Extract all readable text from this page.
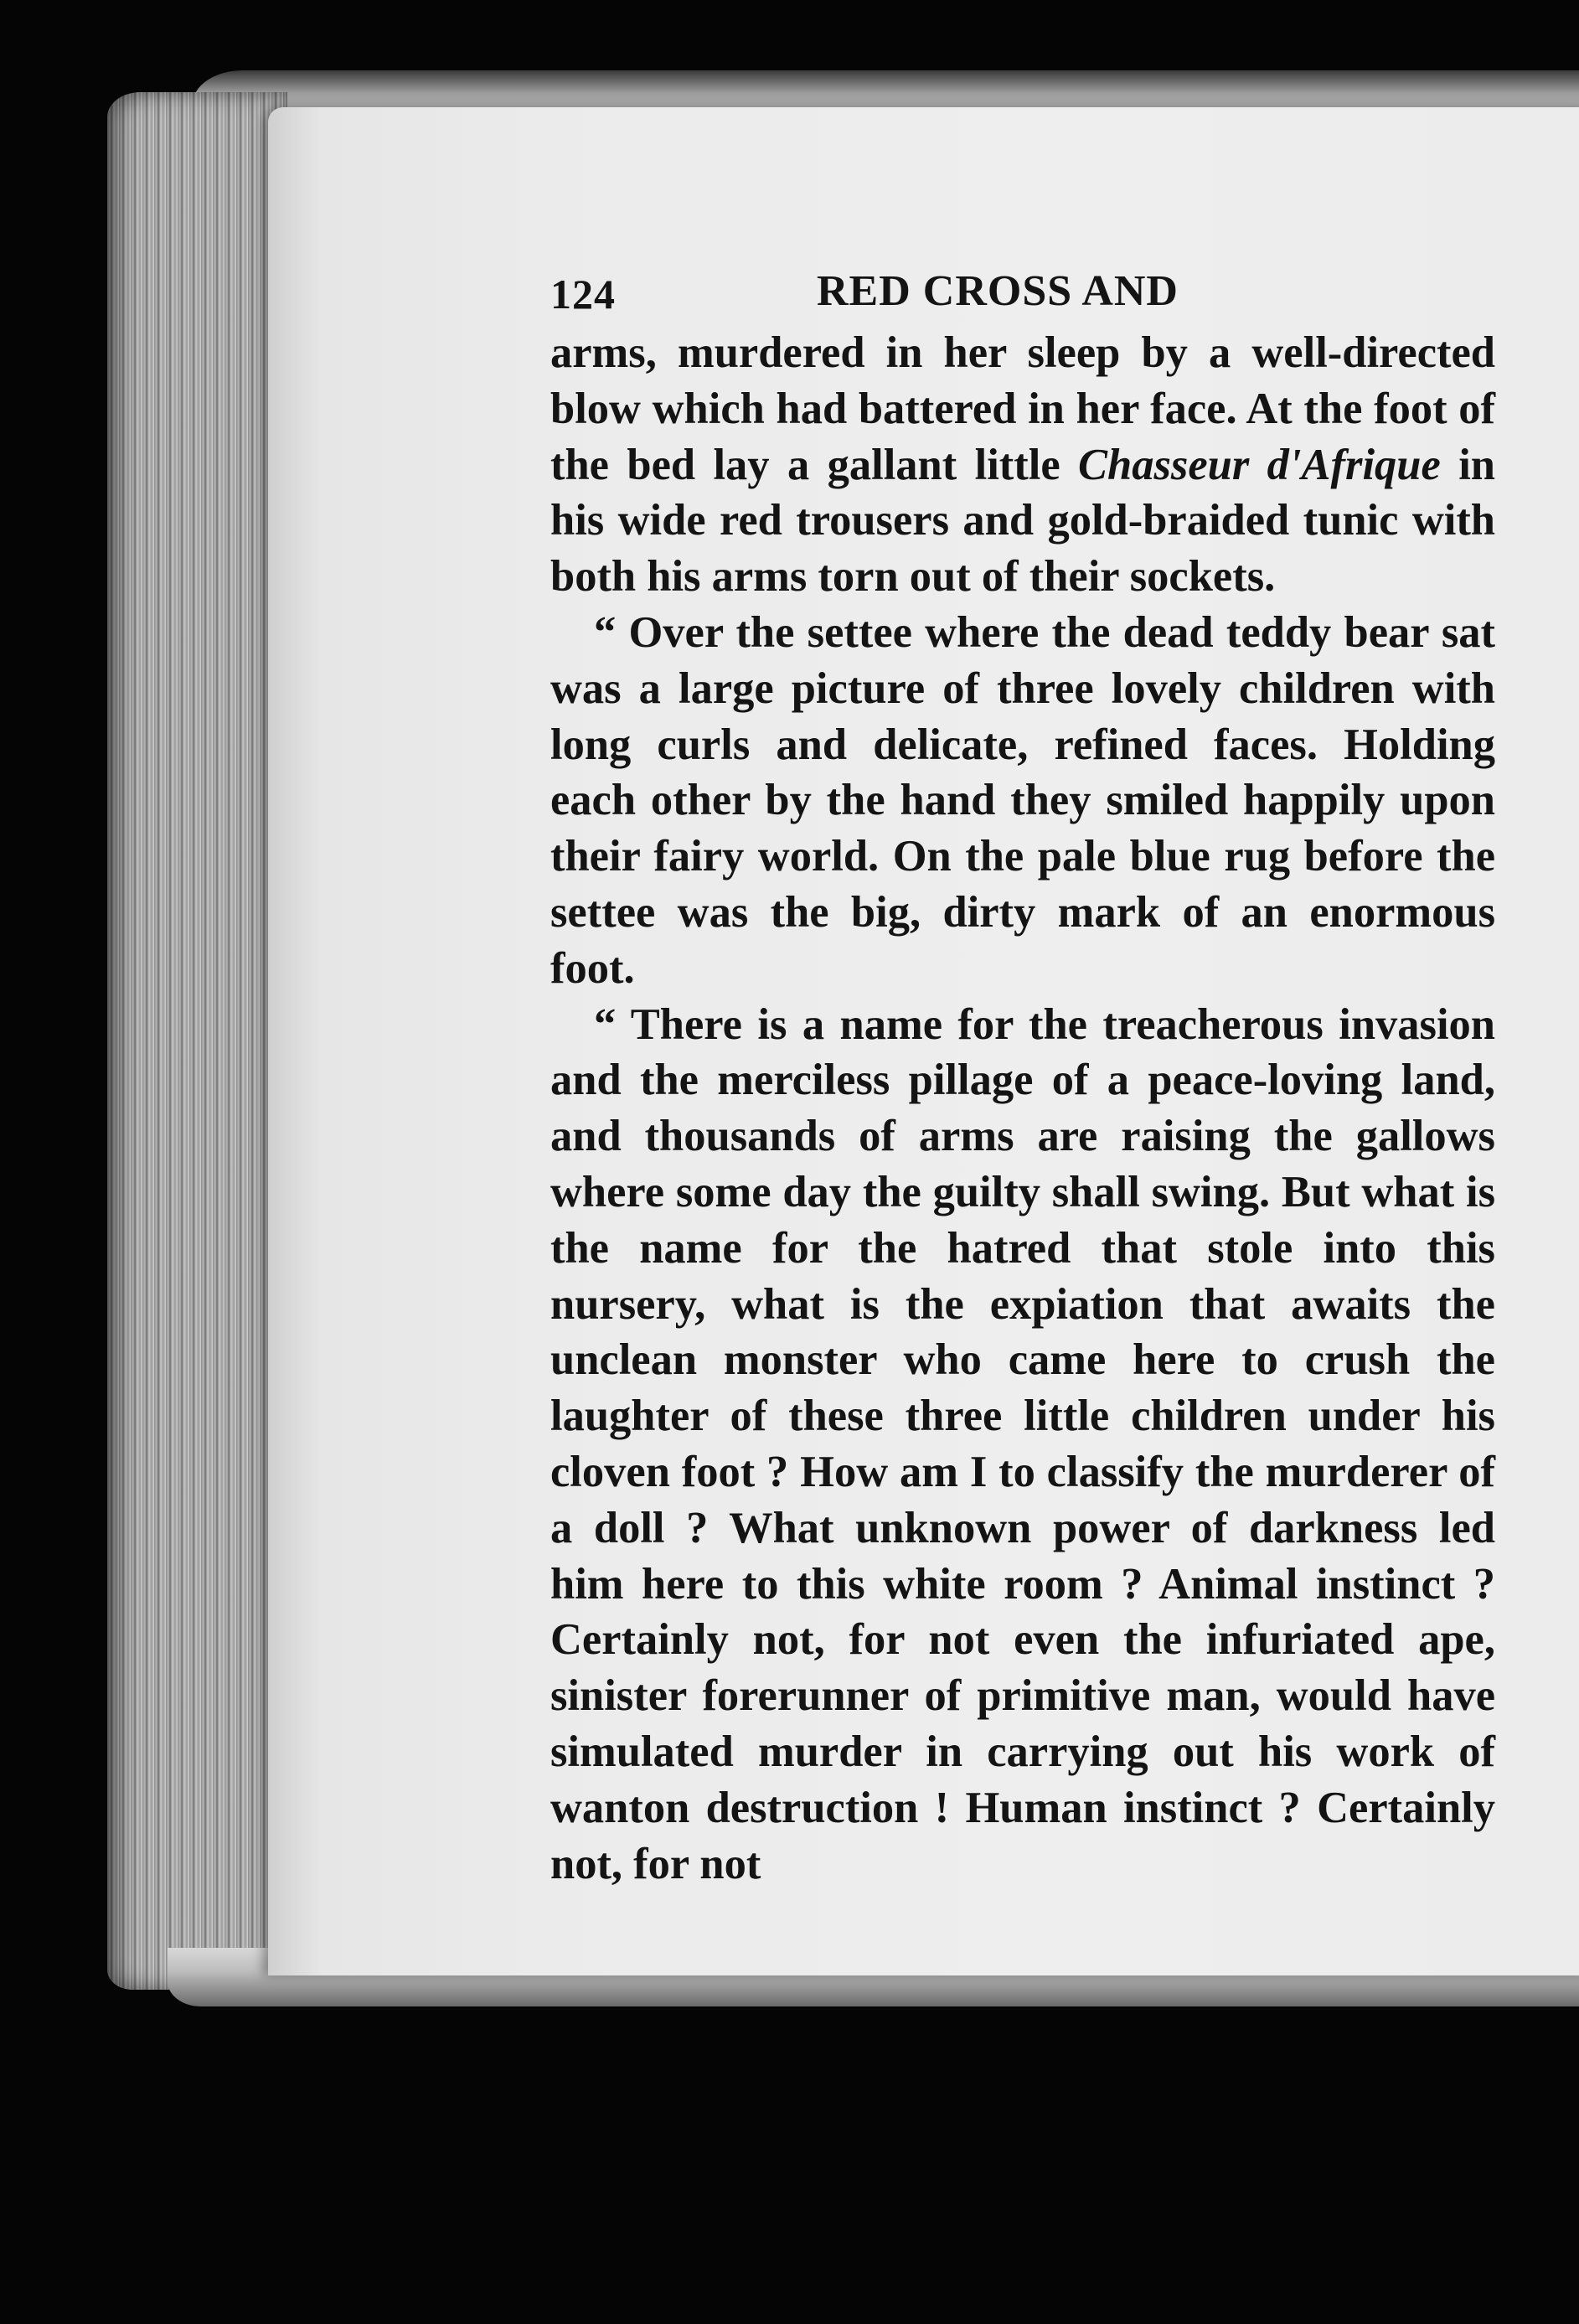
124	RED CROSS AND

arms, murdered in her sleep by a well-directed blow which had battered in her face. At the foot of the bed lay a gallant little Chasseur d'Afrique in his wide red trousers and gold-braided tunic with both his arms torn out of their sockets.

“ Over the settee where the dead teddy bear sat was a large picture of three lovely children with long curls and delicate, refined faces. Holding each other by the hand they smiled happily upon their fairy world. On the pale blue rug before the settee was the big, dirty mark of an enormous foot.

“ There is a name for the treacherous invasion and the merciless pillage of a peace-loving land, and thousands of arms are raising the gallows where some day the guilty shall swing. But what is the name for the hatred that stole into this nursery, what is the expiation that awaits the unclean monster who came here to crush the laughter of these three little children under his cloven foot ? How am I to classify the murderer of a doll ? What unknown power of darkness led him here to this white room ? Animal instinct ? Certainly not, for not even the infuriated ape, sinister forerunner of primitive man, would have simulated murder in carrying out his work of wanton destruction ! Human instinct ? Certainly not, for not
